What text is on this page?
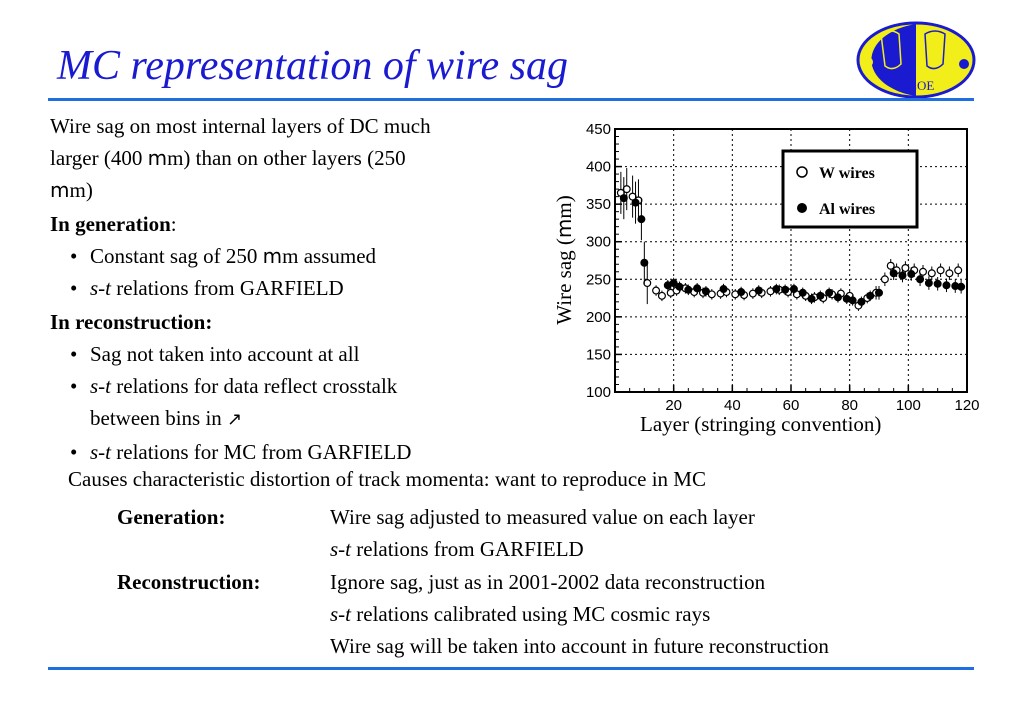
MC representation of wire sag	KLOE

Wire sag on most internal layers of DC much

larger (400 mm) than on other layers (250

mm)

In generation:

• Constant sag of 250 mm assumed
• s-t relations from GARFIELD

In reconstruction:

• Sag not taken into account at all
• s-t relations for data reflect crosstalk
between bins in ↗
• s-t relations for MC from GARFIELD
20	40	60	80	100 120
100
150
200
250
300
350
400
450
W wires
Al wires
Wire sag (mm)
Layer (stringing convention)
Causes characteristic distortion of track momenta: want to reproduce in MC
Generation:	Wire sag adjusted to measured value on each layer
s-t relations from GARFIELD
Reconstruction:	Ignore sag, just as in 2001-2002 data reconstruction
s-t relations calibrated using MC cosmic rays
Wire sag will be taken into account in future reconstruction
